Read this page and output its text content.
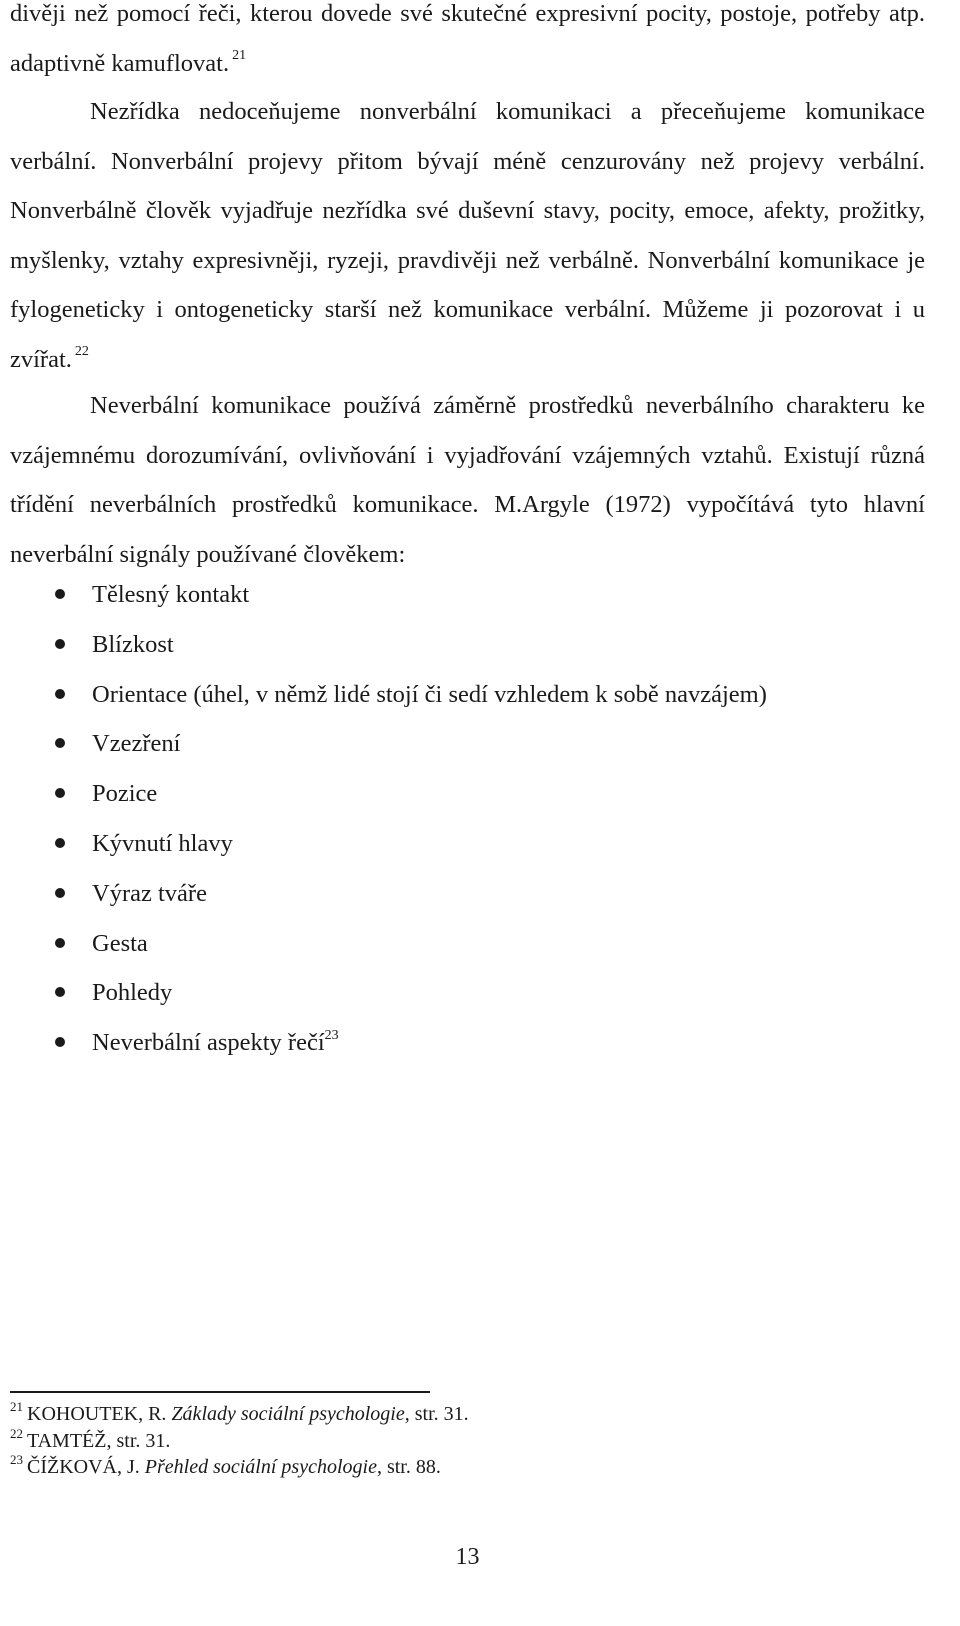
divěji než pomocí řeči, kterou dovede své skutečné expresivní pocity, postoje, potřeby atp. adaptivně kamuflovat. $^{21}$

Nezřídka nedoceňujeme nonverbální komunikaci a přeceňujeme komunikace verbální. Nonverbální projevy přitom bývají méně cenzurovány než projevy verbální. Nonverbálně člověk vyjadřuje nezřídka své duševní stavy, pocity, emoce, afekty, prožitky, myšlenky, vztahy expresivněji, ryzeji, pravdivěji než verbálně. Nonverbální komunikace je fylogeneticky i ontogeneticky starší než komunikace verbální. Můžeme ji pozorovat i u zvířat. $^{22}$

Neverbální komunikace používá záměrně prostředků neverbálního charakteru ke vzájemnému dorozumívání, ovlivňování i vyjadřování vzájemných vztahů. Existují různá třídění neverbálních prostředků komunikace. M.Argyle (1972) vypočítává tyto hlavní neverbální signály používané člověkem:

Tělesný kontakt
Blízkost
Orientace (úhel, v němž lidé stojí či sedí vzhledem k sobě navzájem)
Vzezření
Pozice
Kývnutí hlavy
Výraz tváře
Gesta
Pohledy
Neverbální aspekty řečí$^{23}$
$^{21}$ KOHOUTEK, R. Základy sociální psychologie, str. 31.
$^{22}$ TAMTÉŽ, str. 31.
$^{23}$ ČÍŽKOVÁ, J. Přehled sociální psychologie, str. 88.
13
